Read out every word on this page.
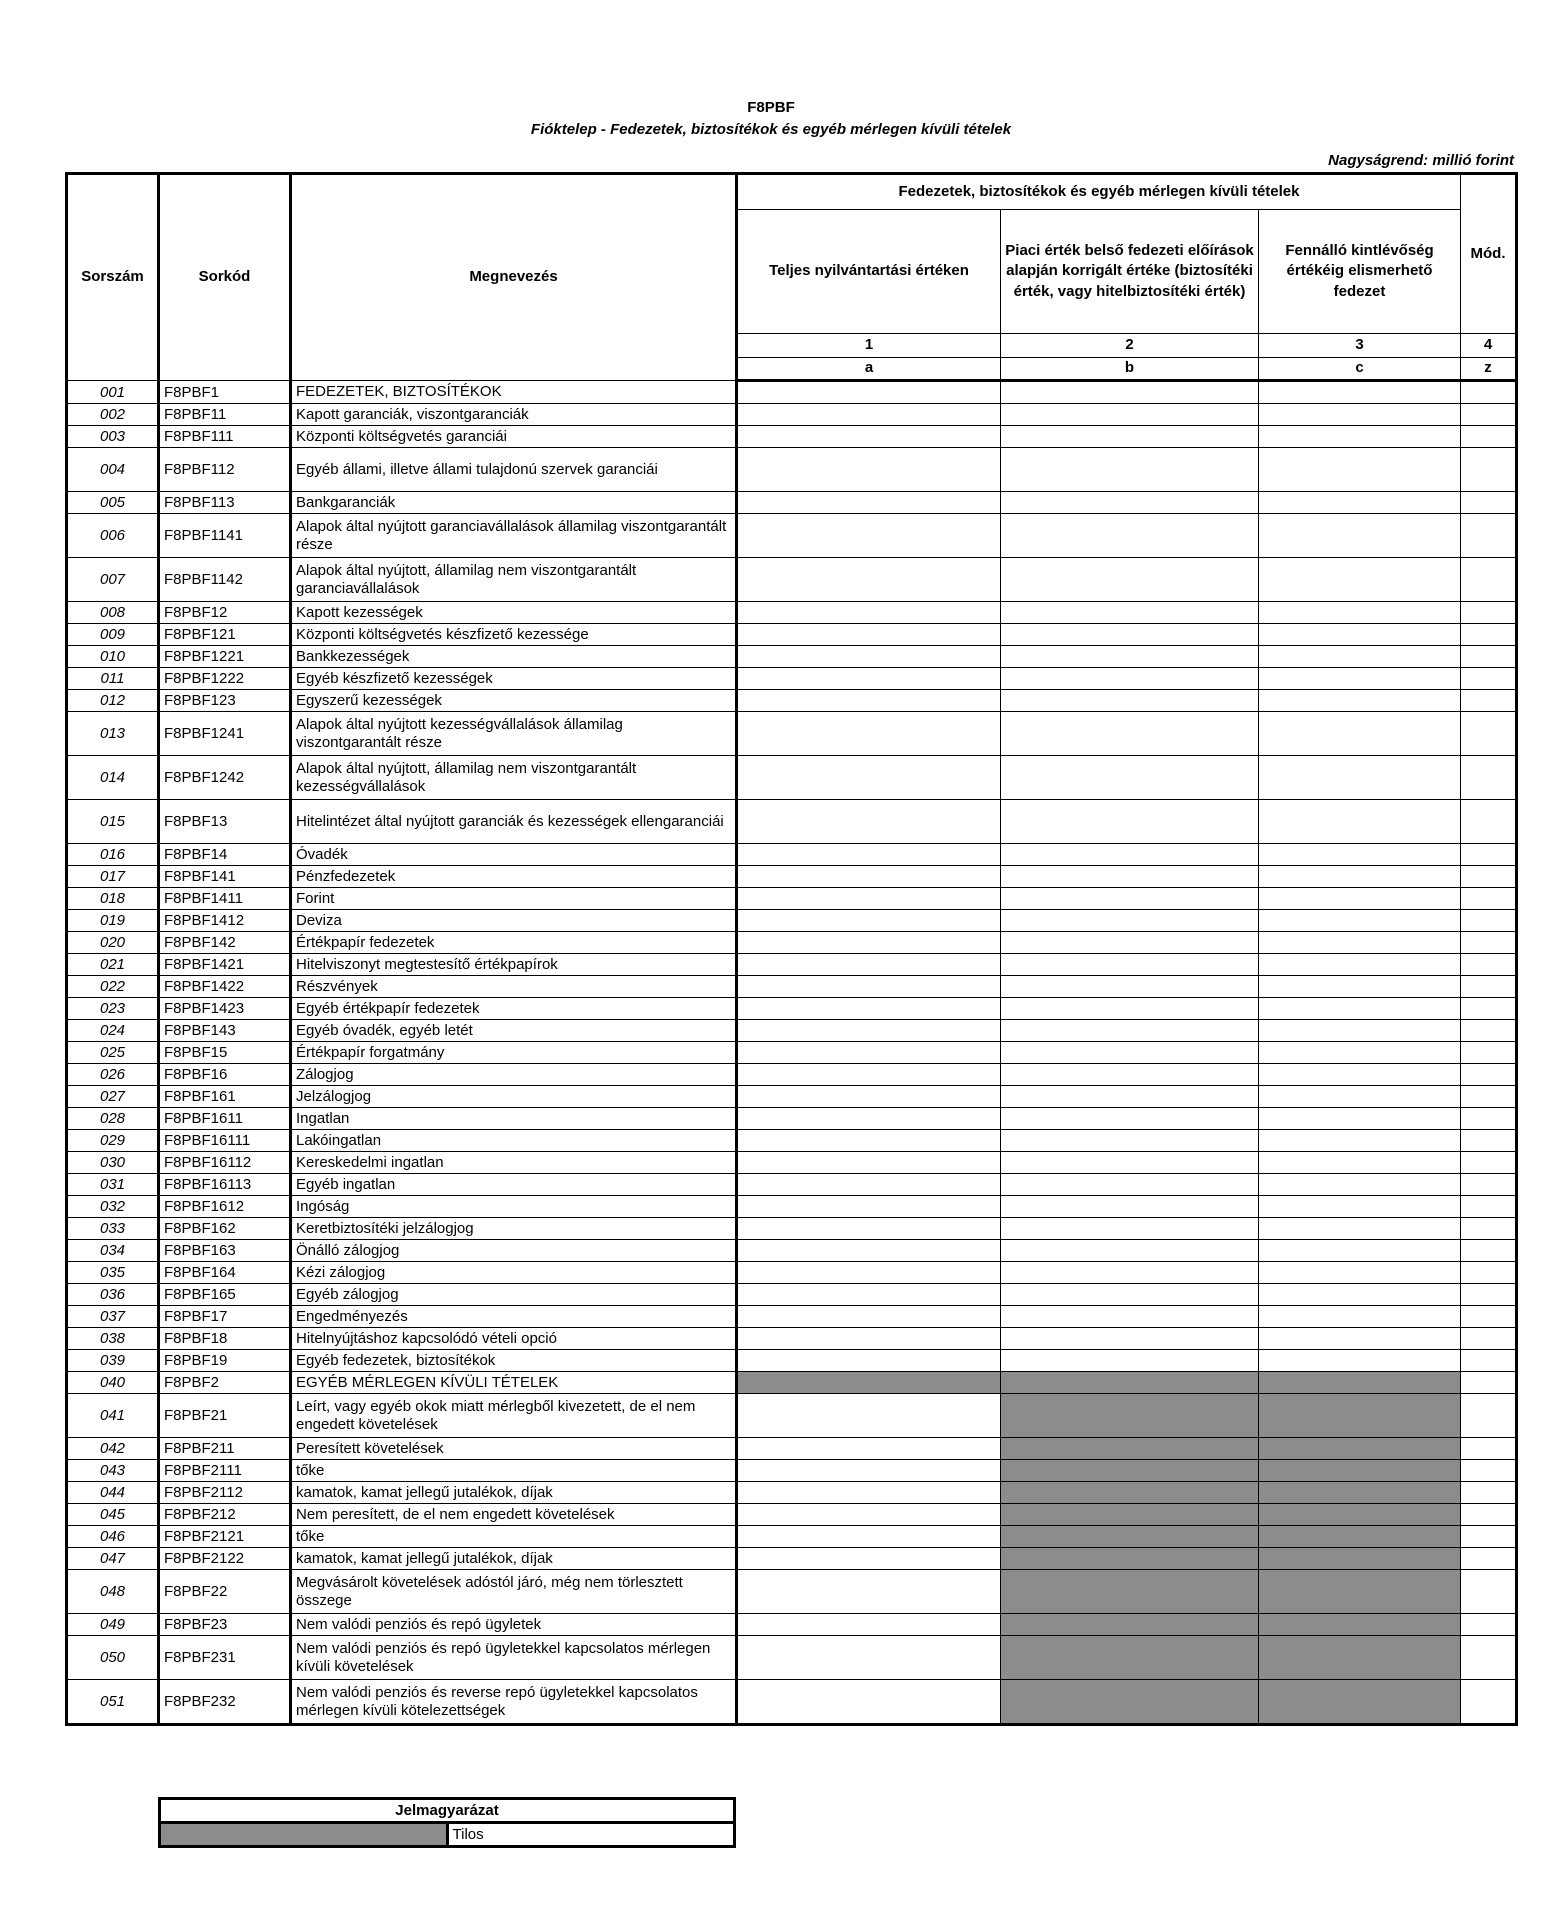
F8PBF
Fióktelep - Fedezetek, biztosítékok és egyéb mérlegen kívüli tételek
Nagyságrend: millió forint
Sorszám	Sorkód	Megnevezés	Fedezetek, biztosítékok és egyéb mérlegen kívüli tételek			Mód.
			Teljes nyilvántartási értéken	Piaci érték belső fedezeti előírások alapján korrigált értéke (biztosítéki érték, vagy hitelbiztosítéki érték)	Fennálló kintlévőség értékéig elismerhető fedezet	
			1	2	3	4
			a	b	c	z
001	F8PBF1	FEDEZETEK, BIZTOSÍTÉKOK				
002	F8PBF11	Kapott garanciák, viszontgaranciák				
003	F8PBF111	Központi költségvetés garanciái				
004	F8PBF112	Egyéb állami, illetve állami tulajdonú szervek garanciái				
005	F8PBF113	Bankgaranciák				
006	F8PBF1141	Alapok által nyújtott garanciavállalások államilag viszontgarantált része				
007	F8PBF1142	Alapok által nyújtott, államilag nem viszontgarantált garanciavállalások				
008	F8PBF12	Kapott kezességek				
009	F8PBF121	Központi költségvetés készfizető kezessége				
010	F8PBF1221	Bankkezességek				
011	F8PBF1222	Egyéb készfizető kezességek				
012	F8PBF123	Egyszerű kezességek				
013	F8PBF1241	Alapok által nyújtott kezességvállalások államilag viszontgarantált része				
014	F8PBF1242	Alapok által nyújtott, államilag nem viszontgarantált kezességvállalások				
015	F8PBF13	Hitelintézet által nyújtott garanciák és kezességek ellengaranciái				
016	F8PBF14	Óvadék				
017	F8PBF141	Pénzfedezetek				
018	F8PBF1411	Forint				
019	F8PBF1412	Deviza				
020	F8PBF142	Értékpapír fedezetek				
021	F8PBF1421	Hitelviszonyt megtestesítő értékpapírok				
022	F8PBF1422	Részvények				
023	F8PBF1423	Egyéb értékpapír fedezetek				
024	F8PBF143	Egyéb óvadék, egyéb letét				
025	F8PBF15	Értékpapír forgatmány				
026	F8PBF16	Zálogjog				
027	F8PBF161	Jelzálogjog				
028	F8PBF1611	Ingatlan				
029	F8PBF16111	Lakóingatlan				
030	F8PBF16112	Kereskedelmi ingatlan				
031	F8PBF16113	Egyéb ingatlan				
032	F8PBF1612	Ingóság				
033	F8PBF162	Keretbiztosítéki jelzálogjog				
034	F8PBF163	Önálló zálogjog				
035	F8PBF164	Kézi zálogjog				
036	F8PBF165	Egyéb zálogjog				
037	F8PBF17	Engedményezés				
038	F8PBF18	Hitelnyújtáshoz kapcsolódó vételi opció				
039	F8PBF19	Egyéb fedezetek, biztosítékok				
040	F8PBF2	EGYÉB MÉRLEGEN KÍVÜLI TÉTELEK				
041	F8PBF21	Leírt, vagy egyéb okok miatt mérlegből kivezetett, de el nem engedett követelések				
042	F8PBF211	Peresített követelések				
043	F8PBF2111	tőke				
044	F8PBF2112	kamatok, kamat jellegű jutalékok, díjak				
045	F8PBF212	Nem peresített, de el nem engedett követelések				
046	F8PBF2121	tőke				
047	F8PBF2122	kamatok, kamat jellegű jutalékok, díjak				
048	F8PBF22	Megvásárolt követelések adóstól járó, még nem törlesztett összege				
049	F8PBF23	Nem valódi penziós és repó ügyletek				
050	F8PBF231	Nem valódi penziós és repó ügyletekkel kapcsolatos mérlegen kívüli követelések				
051	F8PBF232	Nem valódi penziós és reverse repó ügyletekkel kapcsolatos mérlegen kívüli kötelezettségek				
Jelmagyarázat
	Tilos
